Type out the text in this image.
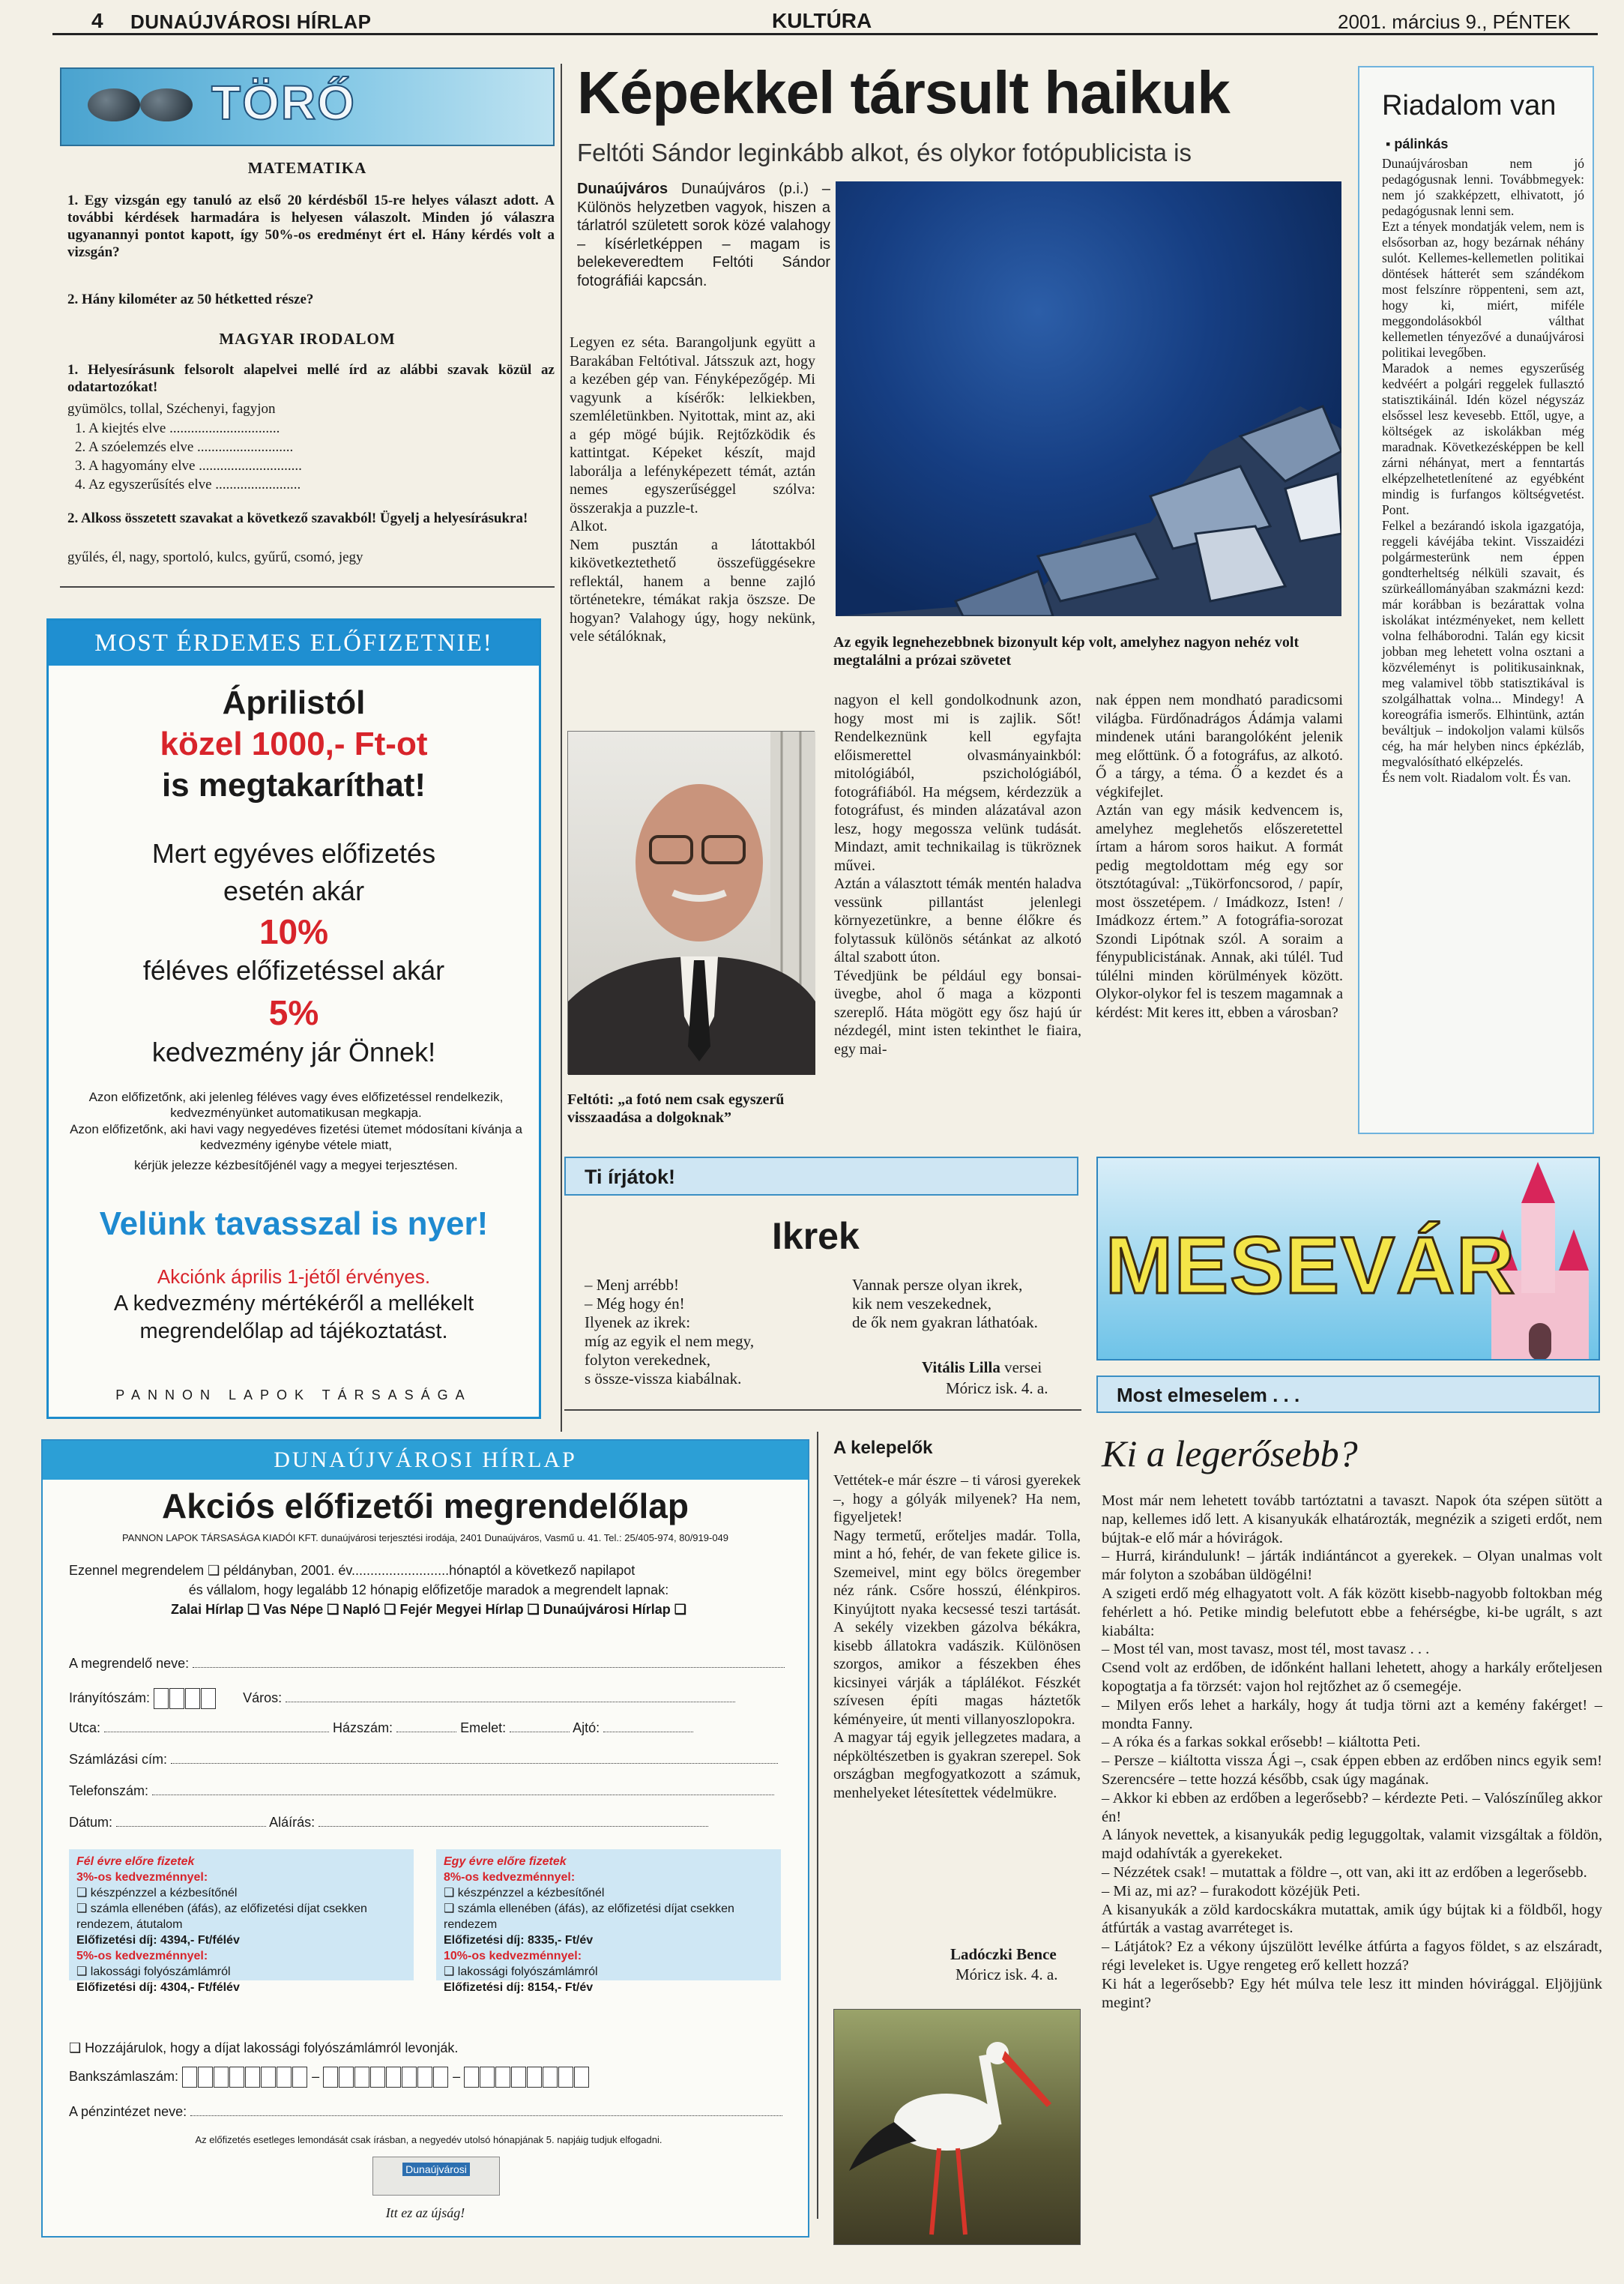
4 DUNAÚJVÁROSI HÍRLAP	KULTÚRA	2001. március 9., PÉNTEK
TÖRŐ
MATEMATIKA
1. Egy vizsgán egy tanuló az első 20 kérdésből 15-re helyes választ adott. A további kérdések harmadára is helyesen válaszolt. Minden jó válaszra ugyanannyi pontot kapott, így 50%-os eredményt ért el. Hány kérdés volt a vizsgán?
2. Hány kilométer az 50 hétketted része?
MAGYAR IRODALOM
1. Helyesírásunk felsorolt alapelvei mellé írd az alábbi szavak közül az odatartozókat!
gyümölcs, tollal, Széchenyi, fagyjon
1. A kiejtés elve ...............................
2. A szóelemzés elve ...........................
3. A hagyomány elve .............................
4. Az egyszerűsítés elve ........................
2. Alkoss összetett szavakat a következő szavakból! Ügyelj a helyesírásukra!
gyűlés, él, nagy, sportoló, kulcs, gyűrű, csomó, jegy
MOST ÉRDEMES ELŐFIZETNIE!
Áprilistól
közel 1000,- Ft-ot
is megtakaríthat!
Mert egyéves előfizetés
esetén akár
10%
féléves előfizetéssel akár
5%
kedvezmény jár Önnek!
Azon előfizetőnk, aki jelenleg féléves vagy éves előfizetéssel rendelkezik, kedvezményünket automatikusan megkapja.
Azon előfizetőnk, aki havi vagy negyedéves fizetési ütemet módosítani kívánja a kedvezmény igénybe vétele miatt,
kérjük jelezze kézbesítőjénél vagy a megyei terjesztésen.
Velünk tavasszal is nyer!
Akciónk április 1-jétől érvényes.
A kedvezmény mértékéről a mellékelt
megrendelőlap ad tájékoztatást.
PANNON LAPOK TÁRSASÁGA
Képekkel társult haikuk
Feltóti Sándor leginkább alkot, és olykor fotópublicista is
Dunaújváros Dunaújváros (p.i.) – Különös helyzetben vagyok, hiszen a tárlatról született sorok közé valahogy – kísérletképpen – magam is belekeveredtem Feltóti Sándor fotográfiái kapcsán.
Legyen ez séta. Barangoljunk együtt a Barakában Feltótival. Játsszuk azt, hogy a kezében gép van. Fényképezőgép. Mi vagyunk a kísérők: lelkiekben, szemléletünkben. Nyitottak, mint az, aki a gép mögé bújik. Rejtőzködik és kattintgat. Képeket készít, majd laborálja a lefényképezett témát, aztán nemes egyszerűséggel szólva: összerakja a puzzle-t.
Alkot.
Nem pusztán a látottakból kikövetkeztethető összefüggésekre reflektál, hanem a benne zajló történetekre, témákat rakja öszsze. De hogyan? Valahogy úgy, hogy nekünk, vele sétálóknak,	Az egyik legnehezebbnek bizonyult kép volt, amelyhez nagyon nehéz volt megtalálni a prózai szövetet
Feltóti: „a fotó nem csak egyszerű visszaadása a dolgoknak”
nagyon el kell gondolkodnunk azon, hogy most mi is zajlik. Sőt! Rendelkeznünk kell egyfajta előismerettel olvasmányainkból: mitológiából, pszichológiából, fotográfiából. Ha mégsem, kérdezzük a fotográfust, és minden alázatával azon lesz, hogy megossza velünk tudását. Mindazt, amit technikailag is tükröznek művei.
Aztán a választott témák mentén haladva vessünk pillantást jelenlegi környezetünkre, a benne élőkre és folytassuk különös sétánkat az alkotó által szabott úton.
Tévedjünk be például egy bonsai-üvegbe, ahol ő maga a központi szereplő. Háta mögött egy ősz hajú úr nézdegél, mint isten tekinthet le fiaira, egy mai-
nak éppen nem mondható paradicsomi világba. Fürdőnadrágos Ádámja valami mindenek utáni barangolóként jelenik meg előttünk. Ő a fotográfus, az alkotó. Ő a tárgy, a téma. Ő a kezdet és a végkifejlet.
Aztán van egy másik kedvencem is, amelyhez meglehetős előszeretettel írtam a három soros haikut. A formát pedig megtoldottam még egy sor ötsztótagúval: „Tükörfoncsorod, / papír, most összetépem. / Imádkozz, Isten! / Imádkozz értem.” A fotográfia-sorozat Szondi Lipótnak szól. A soraim a fénypublicistának. Annak, aki túlél. Tud túlélni minden körülmények között. Olykor-olykor fel is teszem magamnak a kérdést: Mit keres itt, ebben a városban?
Riadalom van
▪ pálinkás
Dunaújvárosban nem jó pedagógusnak lenni. Továbbmegyek: nem jó szakképzett, elhivatott, jó pedagógusnak lenni sem.
Ezt a tények mondatják velem, nem is elsősorban az, hogy bezárnak néhány sulót. Kellemes-kellemetlen politikai döntések hátterét sem szándékom most felszínre röppenteni, sem azt, hogy ki, miért, miféle meggondolásokból válthat kellemetlen tényezővé a dunaújvárosi politikai levegőben.
Maradok a nemes egyszerűség kedvéért a polgári reggelek fullasztó statisztikáinál. Idén közel négyszáz elsőssel lesz kevesebb. Ettől, ugye, a költségek az iskolákban még maradnak. Következésképpen be kell zárni néhányat, mert a fenntartás elképzelhetetlenítené az egyébként mindig is furfangos költségvetést. Pont.
Felkel a bezárandó iskola igazgatója, reggeli kávéjába tekint. Visszaidézi polgármesterünk nem éppen gondterheltség nélküli szavait, és szürkeállományában szakmázni kezd: már korábban is bezárattak volna iskolákat intézményeket, nem kellett volna felháborodni. Talán egy kicsit jobban meg lehetett volna osztani a közvéleményt is politikusainknak, meg valamivel több statisztikával is szolgálhattak volna... Mindegy! A koreográfia ismerős. Elhintünk, aztán beváltjuk – indokoljon valami külsős cég, ha már helyben nincs épkézláb, megvalósítható elképzelés.
És nem volt. Riadalom volt. És van.
Ti írjátok!
Ikrek
– Menj arrébb!
– Még hogy én!
Ilyenek az ikrek:
míg az egyik el nem megy,
folyton verekednek,
s össze-vissza kiabálnak.
Vannak persze olyan ikrek,
kik nem veszekednek,
de ők nem gyakran láthatóak.
Vitális Lilla versei
Móricz isk. 4. a.
MESEVÁR
Most elmeselem . . .
Ki a legerősebb?
Most már nem lehetett tovább tartóztatni a tavaszt. Napok óta szépen sütött a nap, kellemes idő lett. A kisanyukák elhatározták, megnézik a szigeti erdőt, nem bújtak-e elő már a hóvirágok.
– Hurrá, kirándulunk! – járták indiántáncot a gyerekek. – Olyan unalmas volt már folyton a szobában üldögélni!
A szigeti erdő még elhagyatott volt. A fák között kisebb-nagyobb foltokban még fehérlett a hó. Petike mindig belefutott ebbe a fehérségbe, ki-be ugrált, s azt kiabálta:
– Most tél van, most tavasz, most tél, most tavasz . . .
Csend volt az erdőben, de időnként hallani lehetett, ahogy a harkály erőteljesen kopogtatja a fa törzsét: vajon hol rejtőzhet az ő csemegéje.
– Milyen erős lehet a harkály, hogy át tudja törni azt a kemény fakérget! – mondta Fanny.
– A róka és a farkas sokkal erősebb! – kiáltotta Peti.
– Persze – kiáltotta vissza Ági –, csak éppen ebben az erdőben nincs egyik sem! Szerencsére – tette hozzá később, csak úgy magának.
– Akkor ki ebben az erdőben a legerősebb? – kérdezte Peti. – Valószínűleg akkor én!
A lányok nevettek, a kisanyukák pedig leguggoltak, valamit vizsgáltak a földön, majd odahívták a gyerekeket.
– Nézzétek csak! – mutattak a földre –, ott van, aki itt az erdőben a legerősebb.
– Mi az, mi az? – furakodott közéjük Peti.
A kisanyukák a zöld kardocskákra mutattak, amik úgy bújtak ki a földből, hogy átfúrták a vastag avarréteget is.
– Látjátok? Ez a vékony újszülött levélke átfúrta a fagyos földet, s az elszáradt, régi leveleket is. Ugye rengeteg erő kellett hozzá?
Ki hát a legerősebb? Egy hét múlva tele lesz itt minden hóvirággal. Eljöjjünk megint?
A kelepelők
Vettétek-e már észre – ti városi gyerekek –, hogy a gólyák milyenek? Ha nem, figyeljetek!
Nagy termetű, erőteljes madár. Tolla, mint a hó, fehér, de van fekete gilice is. Szemeivel, mint egy bölcs öregember néz ránk. Csőre hosszú, élénkpiros. Kinyújtott nyaka kecsessé teszi tartását. A sekély vizekben gázolva békákra, kisebb állatokra vadászik. Különösen szorgos, amikor a fészekben éhes kicsinyei várják a táplálékot. Fészkét szívesen építi magas háztetők kéményeire, út menti villanyoszlopokra.
A magyar táj egyik jellegzetes madara, a népköltészetben is gyakran szerepel. Sok országban megfogyatkozott a számuk, menhelyeket létesítettek védelmükre.
Ladóczki Bence
Móricz isk. 4. a.
DUNAÚJVÁROSI HÍRLAP
Akciós előfizetői megrendelőlap
PANNON LAPOK TÁRSASÁGA KIADÓI KFT. dunaújvárosi terjesztési irodája, 2401 Dunaújváros, Vasmű u. 41. Tel.: 25/405-974, 80/919-049
Ezennel megrendelem ❑ példányban, 2001. év..........................hónaptól a következő napilapot
és vállalom, hogy legalább 12 hónapig előfizetője maradok a megrendelt lapnak:
Zalai Hírlap ❑ Vas Népe ❑ Napló ❑ Fejér Megyei Hírlap ❑ Dunaújvárosi Hírlap ❑
A megrendelő neve:
Irányítószám:	Város:
Utca:	Házszám:	Emelet:	Ajtó:
Számlázási cím:
Telefonszám:
Dátum:	Aláírás:
Fél évre előre fizetek
3%-os kedvezménnyel:
❑ készpénzzel a kézbesítőnél
❑ számla ellenében (áfás), az előfizetési díjat csekken rendezem, átutalom
Előfizetési díj: 4394,- Ft/félév
5%-os kedvezménnyel:
❑ lakossági folyószámlámról
Előfizetési díj: 4304,- Ft/félév
Egy évre előre fizetek
8%-os kedvezménnyel:
❑ készpénzzel a kézbesítőnél
❑ számla ellenében (áfás), az előfizetési díjat csekken rendezem
Előfizetési díj: 8335,- Ft/év
10%-os kedvezménnyel:
❑ lakossági folyószámlámról
Előfizetési díj: 8154,- Ft/év
❑ Hozzájárulok, hogy a díjat lakossági folyószámlámról levonják.
Bankszámlaszám:	–	–
A pénzintézet neve:
Az előfizetés esetleges lemondását csak írásban, a negyedév utolsó hónapjának 5. napjáig tudjuk elfogadni.
Dunaújvárosi
Itt ez az újság!
